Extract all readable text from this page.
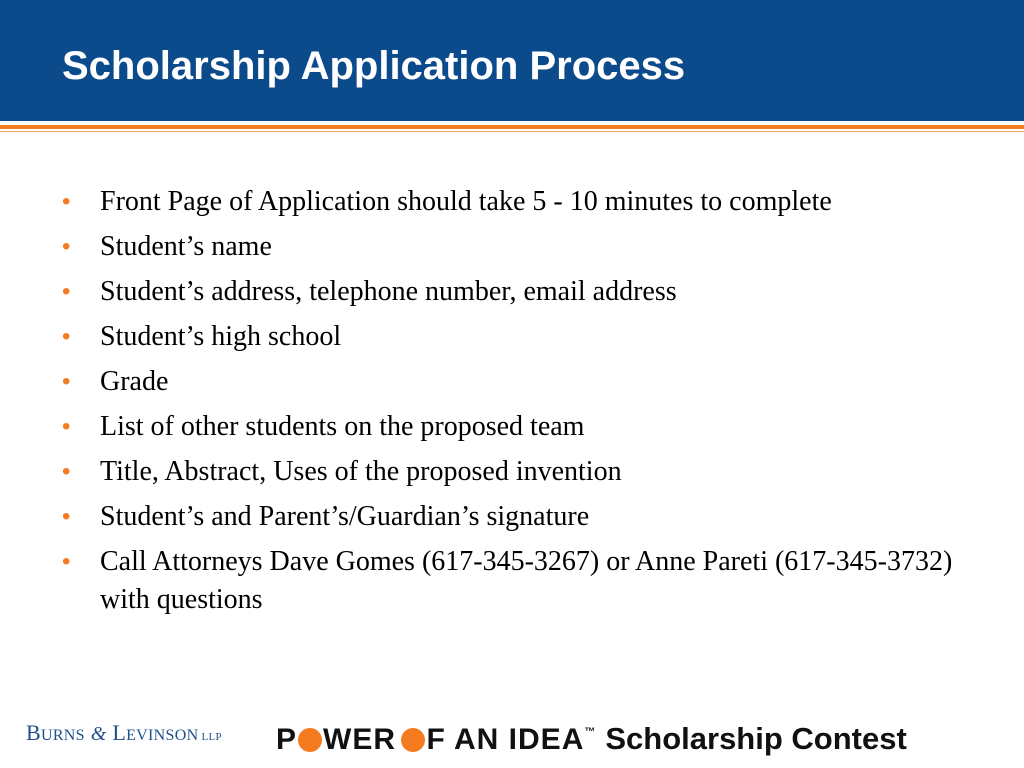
Scholarship Application Process
•	Front Page of Application should take 5 - 10 minutes to complete
•	Student’s name
•	Student’s address, telephone number, email address
•	Student’s high school
•	Grade
•	List of other students on the proposed team
•	Title, Abstract, Uses of the proposed invention
•	Student’s and Parent’s/Guardian’s signature
•	Call Attorneys Dave Gomes (617-345-3267) or Anne Pareti (617-345-3732) with questions
BURNS & LEVINSON LLP P WER F AN IDEA™ Scholarship Contest
